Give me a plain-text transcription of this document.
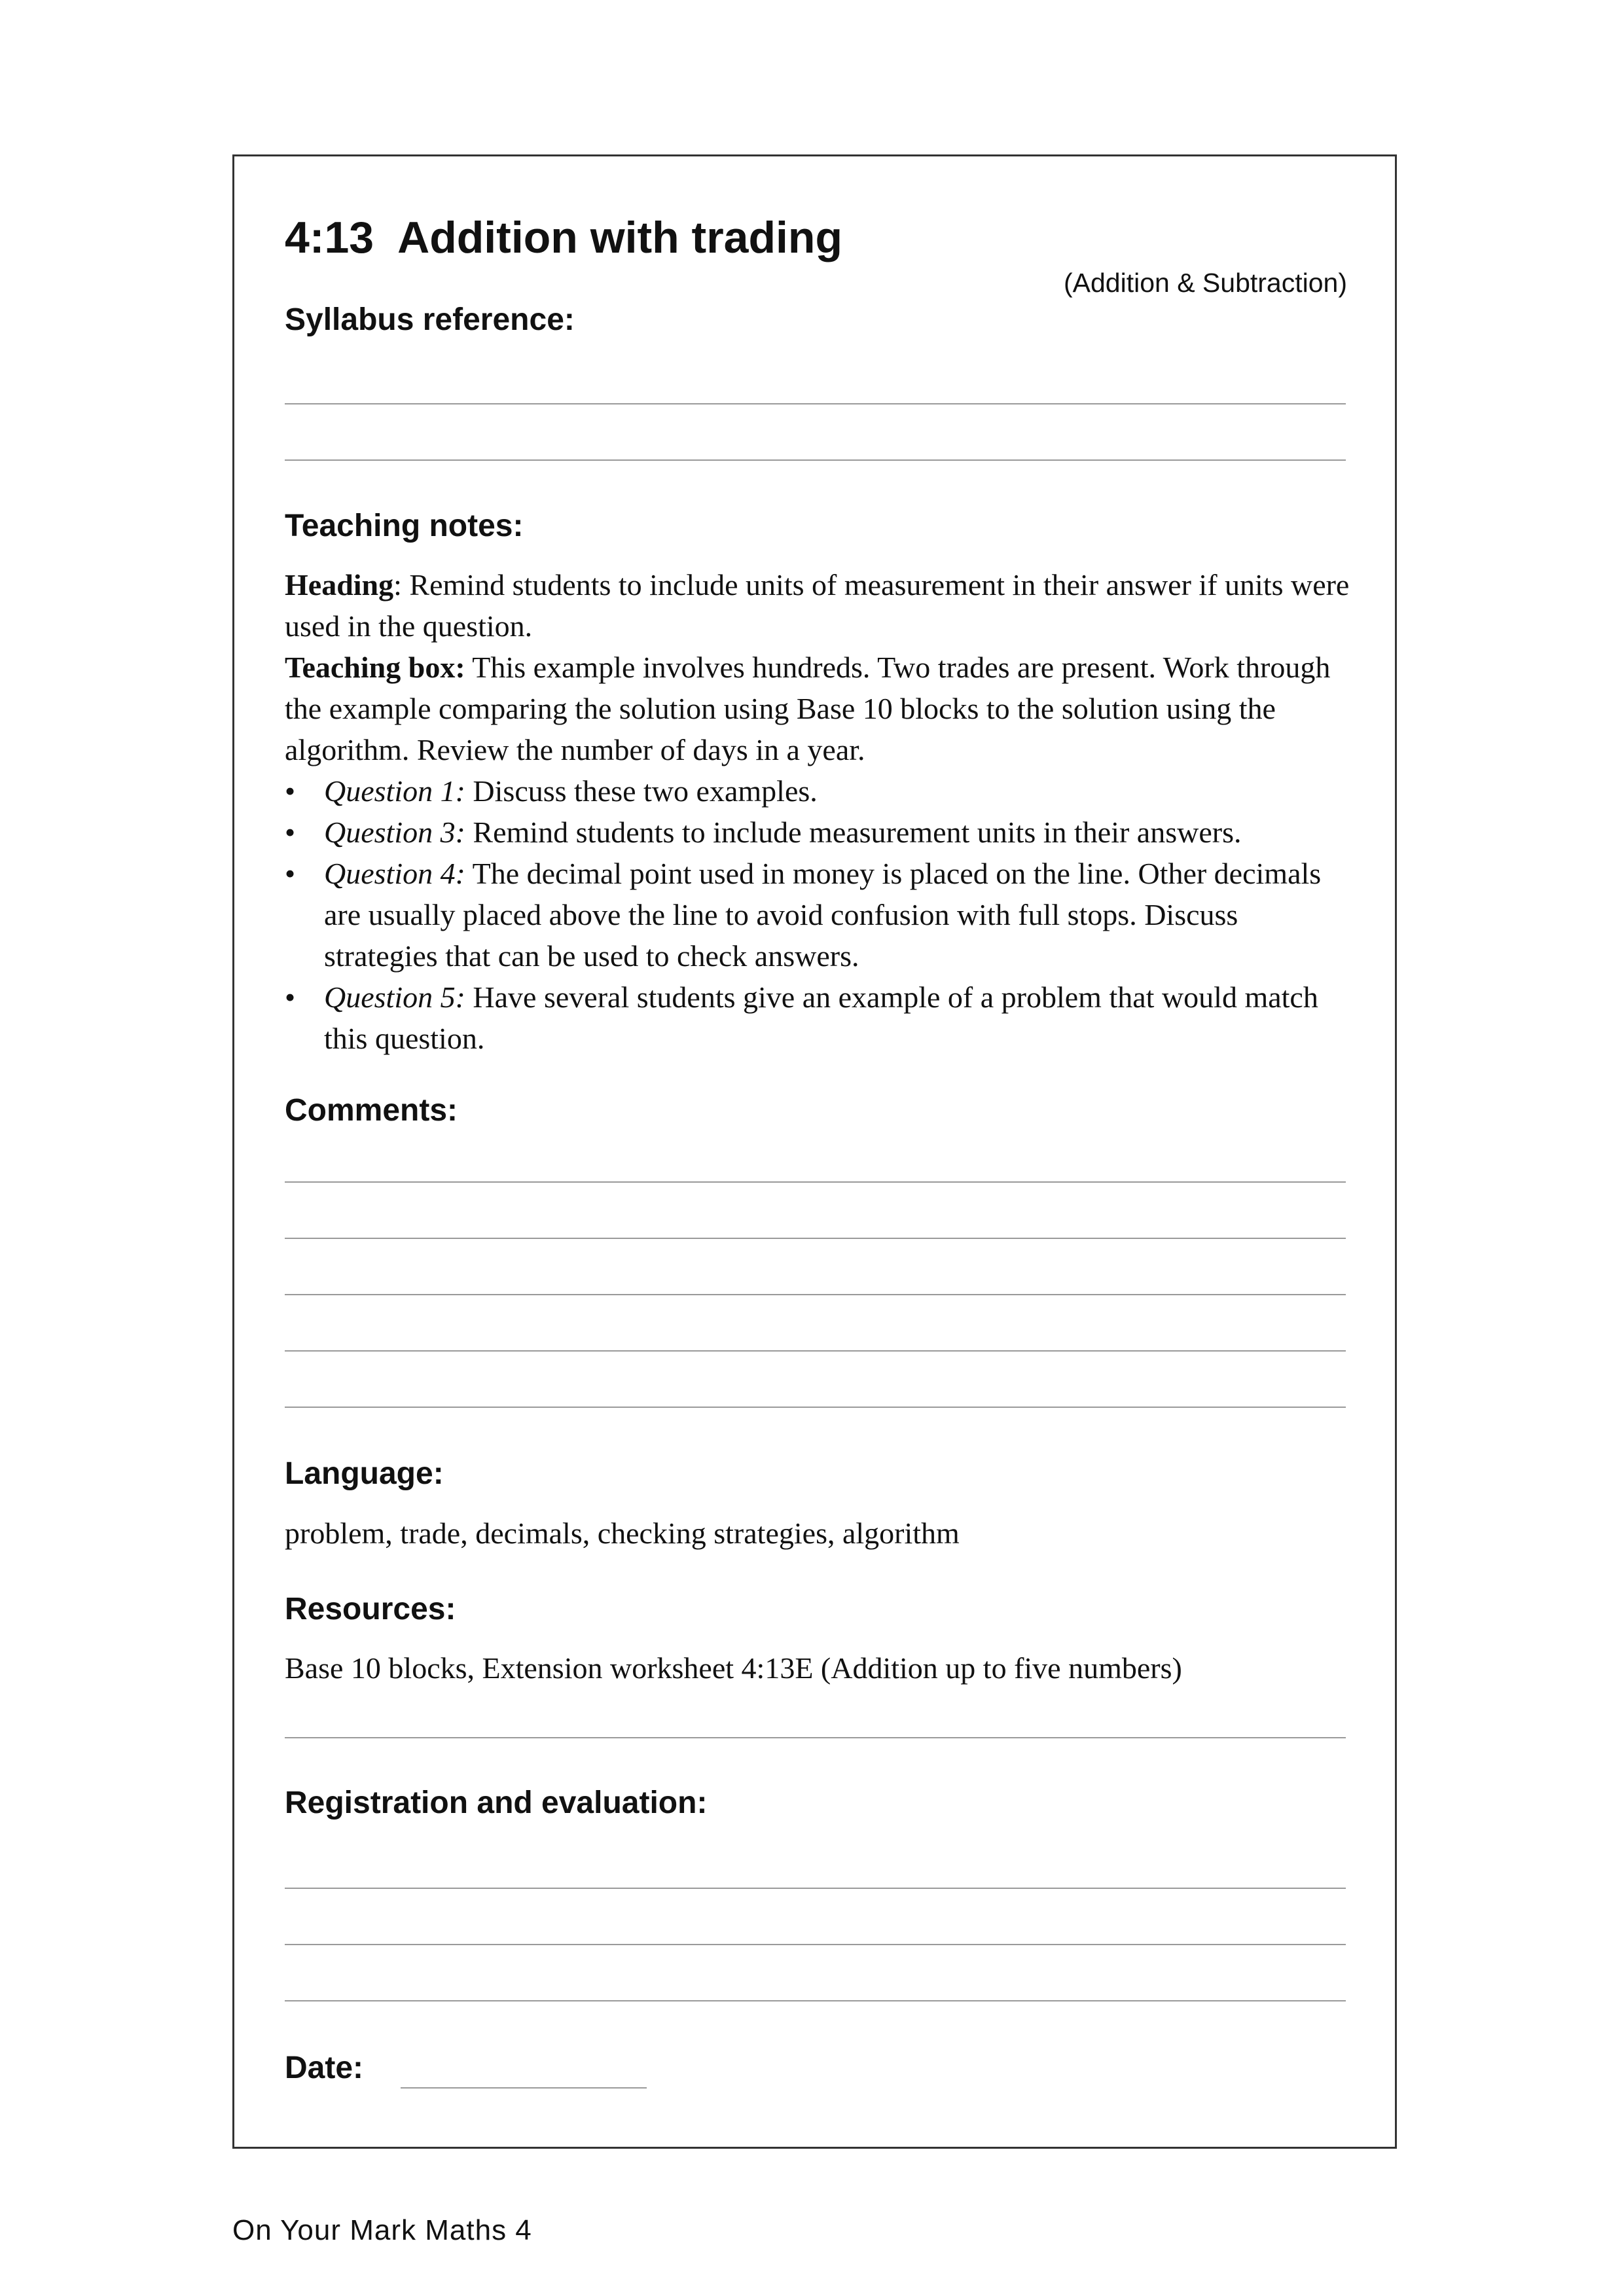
4:13 Addition with trading
(Addition & Subtraction)
Syllabus reference:
Teaching notes:

Heading: Remind students to include units of measurement in their answer if units were used in the question.

Teaching box: This example involves hundreds. Two trades are present. Work through the example comparing the solution using Base 10 blocks to the solution using the algorithm. Review the number of days in a year.

• Question 1: Discuss these two examples.
• Question 3: Remind students to include measurement units in their answers.
• Question 4: The decimal point used in money is placed on the line. Other decimals are usually placed above the line to avoid confusion with full stops. Discuss strategies that can be used to check answers.
• Question 5: Have several students give an example of a problem that would match this question.
Comments:
Language:
problem, trade, decimals, checking strategies, algorithm
Resources:
Base 10 blocks, Extension worksheet 4:13E (Addition up to five numbers)
Registration and evaluation:
Date:
On Your Mark Maths 4
